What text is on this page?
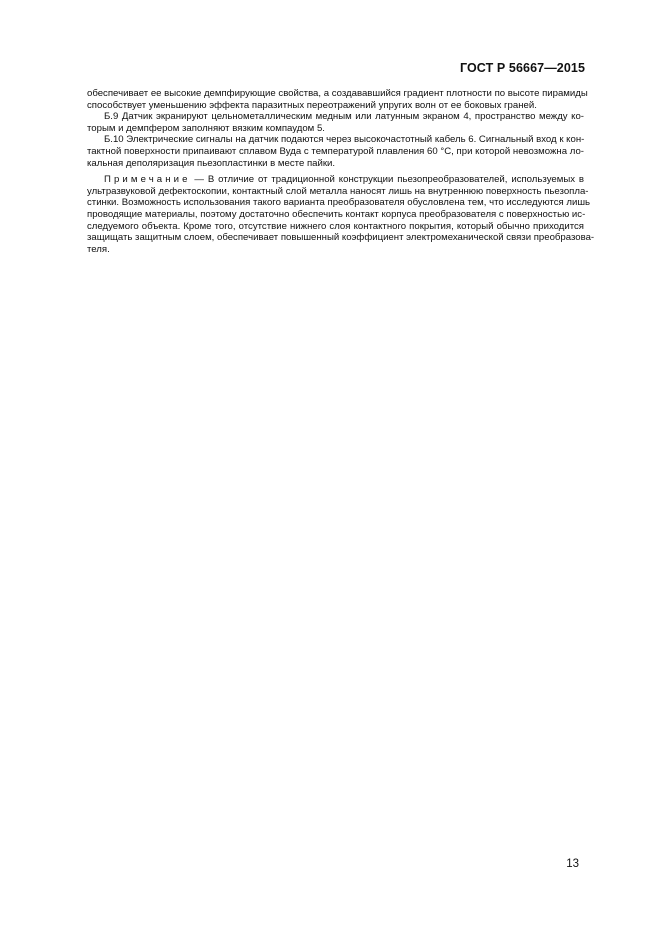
ГОСТ Р 56667—2015

обеспечивает ее высокие демпфирующие свойства, а создававшийся градиент плотности по высоте пирамиды
способствует уменьшению эффекта паразитных переотражений упругих волн от ее боковых граней.

Б.9 Датчик экранируют цельнометаллическим медным или латунным экраном 4, пространство между ко-
торым и демпфером заполняют вязким компаудом 5.

Б.10 Электрические сигналы на датчик подаются через высокочастотный кабель 6. Сигнальный вход к кон-
тактной поверхности припаивают сплавом Вуда с температурой плавления 60 °С, при которой невозможна ло-
кальная деполяризация пьезопластинки в месте пайки.

Примечание — В отличие от традиционной конструкции пьезопреобразователей, используемых в
ультразвуковой дефектоскопии, контактный слой металла наносят лишь на внутреннюю поверхность пьезопла-
стинки. Возможность использования такого варианта преобразователя обусловлена тем, что исследуются лишь
проводящие материалы, поэтому достаточно обеспечить контакт корпуса преобразователя с поверхностью ис-
следуемого объекта. Кроме того, отсутствие нижнего слоя контактного покрытия, который обычно приходится
защищать защитным слоем, обеспечивает повышенный коэффициент электромеханической связи преобразова-
теля.

13
